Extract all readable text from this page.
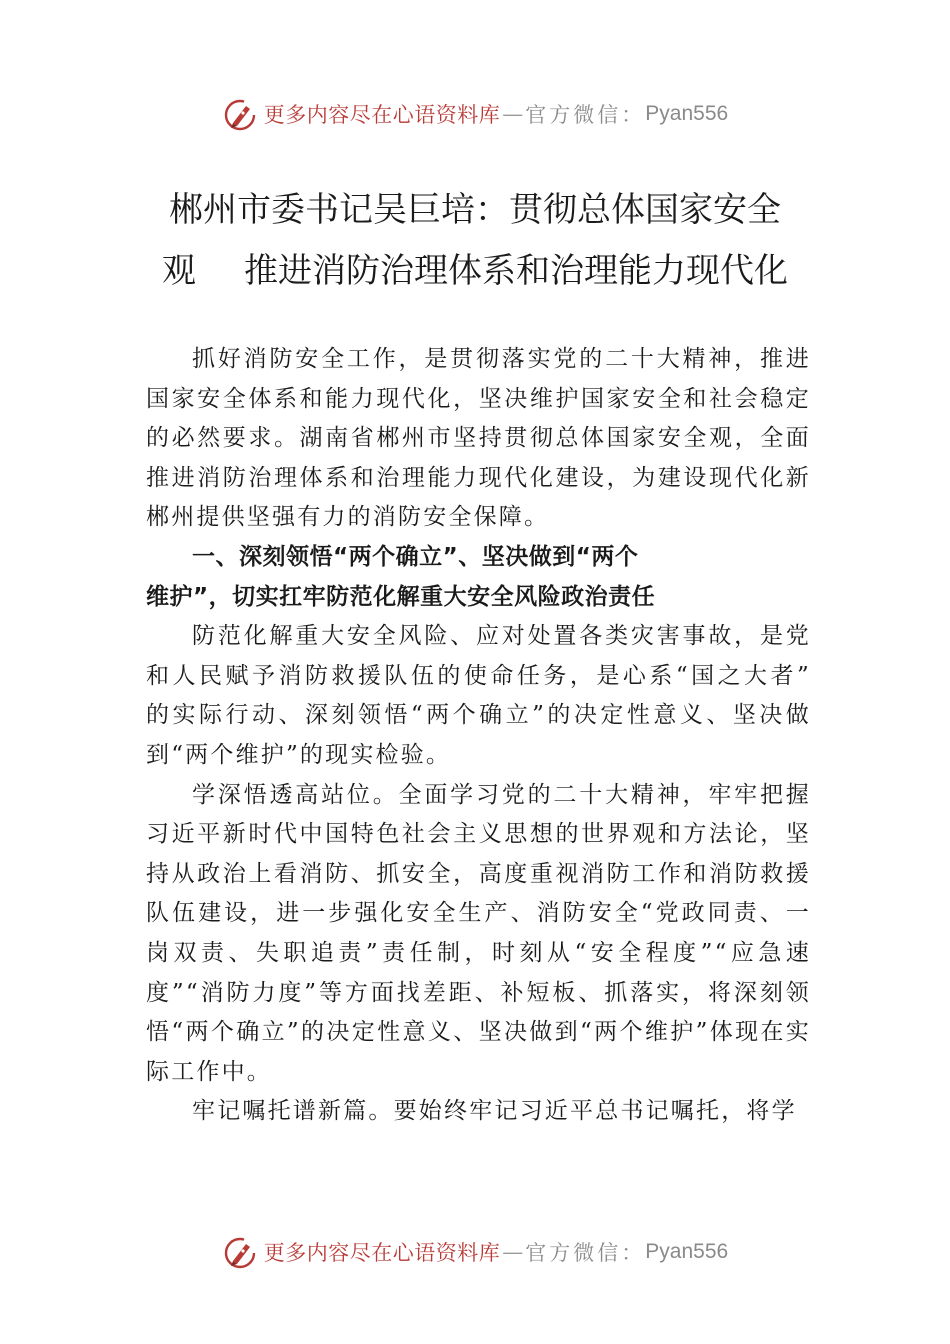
更多内容尽在心语资料库 — 官方微信： Pyan556
郴州市委书记吴巨培：贯彻总体国家安全
观 推进消防治理体系和治理能力现代化

抓好消防安全工作，是贯彻落实党的二十大精神，推进国家安全体系和能力现代化，坚决维护国家安全和社会稳定的必然要求。湖南省郴州市坚持贯彻总体国家安全观，全面推进消防治理体系和治理能力现代化建设，为建设现代化新郴州提供坚强有力的消防安全保障。

一、深刻领悟“两个确立”、坚决做到“两个
维护”，切实扛牢防范化解重大安全风险政治责任

防范化解重大安全风险、应对处置各类灾害事故，是党和人民赋予消防救援队伍的使命任务，是心系“国之大者” 的实际行动、深刻领悟“两个确立”的决定性意义、坚决做到“两个维护”的现实检验。

学深悟透高站位。全面学习党的二十大精神，牢牢把握习近平新时代中国特色社会主义思想的世界观和方法论，坚持从政治上看消防、抓安全，高度重视消防工作和消防救援队伍建设，进一步强化安全生产、消防安全“党政同责、一岗双责、失职追责”责任制，时刻从“安全程度”“应急速度”“消防力度”等方面找差距、补短板、抓落实，将深刻领悟“两个确立”的决定性意义、坚决做到“两个维护”体现在实际工作中。

牢记嘱托谱新篇。要始终牢记习近平总书记嘱托，将学

更多内容尽在心语资料库 — 官方微信： Pyan556
